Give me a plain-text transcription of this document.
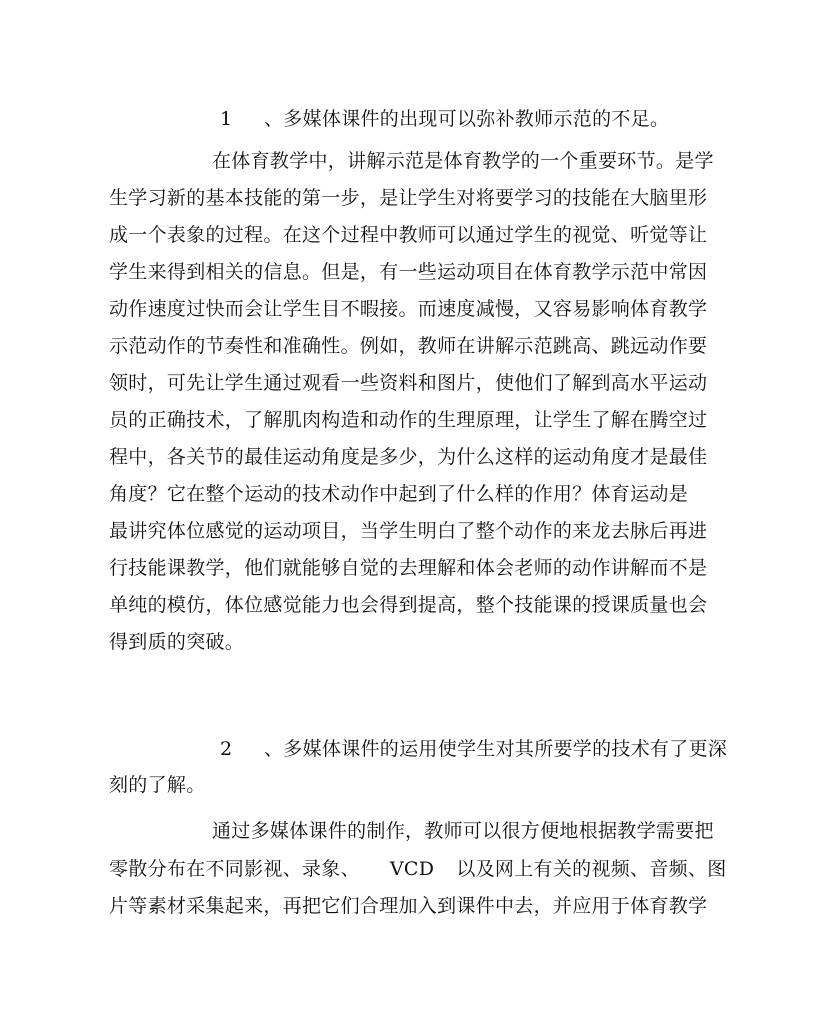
1 、多媒体课件的出现可以弥补教师示范的不足。
在体育教学中，讲解示范是体育教学的一个重要环节。是学
生学习新的基本技能的第一步，是让学生对将要学习的技能在大脑里形
成一个表象的过程。在这个过程中教师可以通过学生的视觉、听觉等让
学生来得到相关的信息。但是，有一些运动项目在体育教学示范中常因
动作速度过快而会让学生目不暇接。而速度减慢，又容易影响体育教学
示范动作的节奏性和准确性。例如，教师在讲解示范跳高、跳远动作要
领时，可先让学生通过观看一些资料和图片，使他们了解到高水平运动
员的正确技术，了解肌肉构造和动作的生理原理，让学生了解在腾空过
程中，各关节的最佳运动角度是多少，为什么这样的运动角度才是最佳
角度？它在整个运动的技术动作中起到了什么样的作用？体育运动是
最讲究体位感觉的运动项目，当学生明白了整个动作的来龙去脉后再进
行技能课教学，他们就能够自觉的去理解和体会老师的动作讲解而不是
单纯的模仿，体位感觉能力也会得到提高，整个技能课的授课质量也会
得到质的突破。
2 、多媒体课件的运用使学生对其所要学的技术有了更深
刻的了解。
通过多媒体课件的制作，教师可以很方便地根据教学需要把
零散分布在不同影视、录象、 VCD 以及网上有关的视频、音频、图
片等素材采集起来，再把它们合理加入到课件中去，并应用于体育教学
